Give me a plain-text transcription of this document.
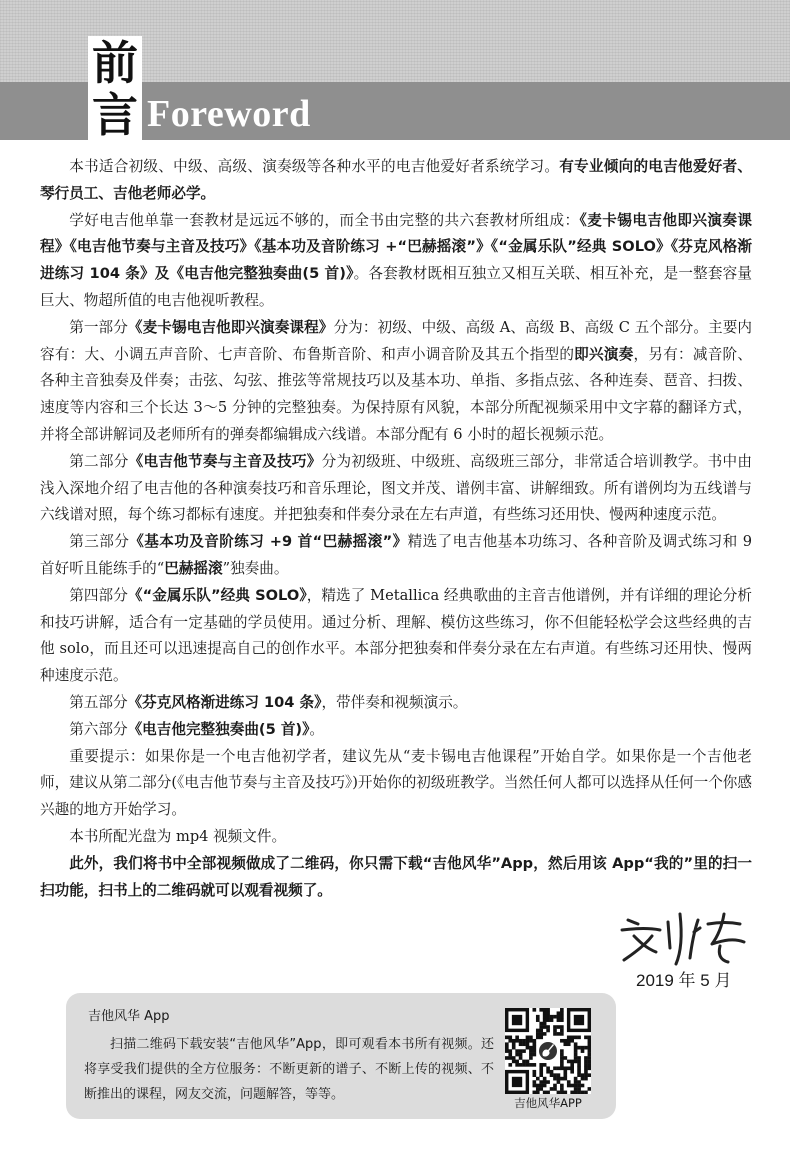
前
言 Foreword

本书适合初级、中级、高级、演奏级等各种水平的电吉他爱好者系统学习。有专业倾向的电吉他爱好者、琴行员工、吉他老师必学。

学好电吉他单靠一套教材是远远不够的，而全书由完整的共六套教材所组成：《麦卡锡电吉他即兴演奏课程》《电吉他节奏与主音及技巧》《基本功及音阶练习 +“巴赫摇滚”》《“金属乐队”经典 SOLO》《芬克风格渐进练习 104 条》及《电吉他完整独奏曲(5 首)》。各套教材既相互独立又相互关联、相互补充，是一整套容量巨大、物超所值的电吉他视听教程。

第一部分《麦卡锡电吉他即兴演奏课程》分为：初级、中级、高级 A、高级 B、高级 C 五个部分。主要内容有：大、小调五声音阶、七声音阶、布鲁斯音阶、和声小调音阶及其五个指型的即兴演奏，另有：减音阶、各种主音独奏及伴奏；击弦、勾弦、推弦等常规技巧以及基本功、单指、多指点弦、各种连奏、琶音、扫拨、速度等内容和三个长达 3～5 分钟的完整独奏。为保持原有风貌，本部分所配视频采用中文字幕的翻译方式，并将全部讲解词及老师所有的弹奏都编辑成六线谱。本部分配有 6 小时的超长视频示范。

第二部分《电吉他节奏与主音及技巧》分为初级班、中级班、高级班三部分，非常适合培训教学。书中由浅入深地介绍了电吉他的各种演奏技巧和音乐理论，图文并茂、谱例丰富、讲解细致。所有谱例均为五线谱与六线谱对照，每个练习都标有速度。并把独奏和伴奏分录在左右声道，有些练习还用快、慢两种速度示范。

第三部分《基本功及音阶练习 +9 首“巴赫摇滚”》精选了电吉他基本功练习、各种音阶及调式练习和 9 首好听且能练手的“巴赫摇滚”独奏曲。

第四部分《“金属乐队”经典 SOLO》，精选了 Metallica 经典歌曲的主音吉他谱例，并有详细的理论分析和技巧讲解，适合有一定基础的学员使用。通过分析、理解、模仿这些练习，你不但能轻松学会这些经典的吉他 solo，而且还可以迅速提高自己的创作水平。本部分把独奏和伴奏分录在左右声道。有些练习还用快、慢两种速度示范。

第五部分《芬克风格渐进练习 104 条》，带伴奏和视频演示。

第六部分《电吉他完整独奏曲(5 首)》。

重要提示：如果你是一个电吉他初学者，建议先从“麦卡锡电吉他课程”开始自学。如果你是一个吉他老师，建议从第二部分(《电吉他节奏与主音及技巧》)开始你的初级班教学。当然任何人都可以选择从任何一个你感兴趣的地方开始学习。

本书所配光盘为 mp4 视频文件。

此外，我们将书中全部视频做成了二维码，你只需下载“吉他风华”App，然后用该 App“我的”里的扫一扫功能，扫书上的二维码就可以观看视频了。

2019 年 5 月
吉他风华 App

扫描二维码下载安装“吉他风华”App，即可观看本书所有视频。还将享受我们提供的全方位服务：不断更新的谱子、不断上传的视频、不断推出的课程，网友交流，问题解答，等等。

吉他风华APP
